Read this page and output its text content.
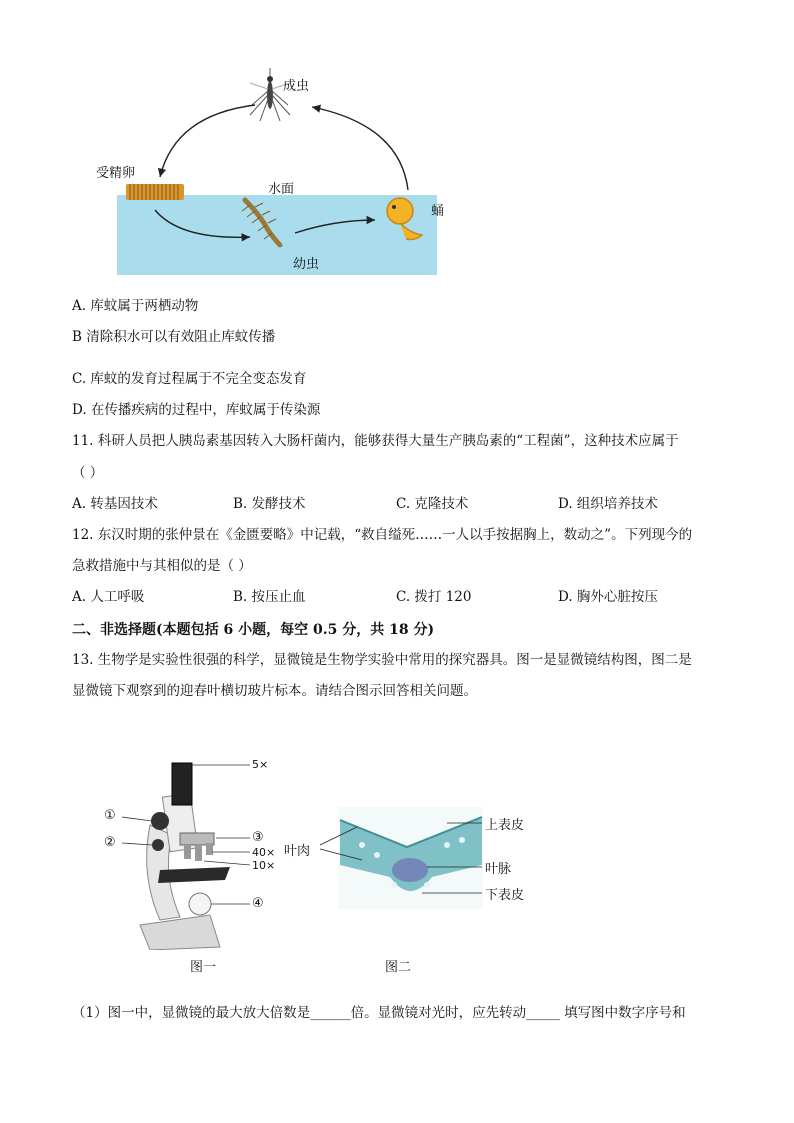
成虫
受精卵
水面
蛹
幼虫
A. 库蚊属于两栖动物
B 清除积水可以有效阻止库蚊传播
C. 库蚊的发育过程属于不完全变态发育
D. 在传播疾病的过程中，库蚊属于传染源
11. 科研人员把人胰岛素基因转入大肠杆菌内，能够获得大量生产胰岛素的“工程菌”，这种技术应属于
（ ）
A. 转基因技术	B. 发酵技术	C. 克隆技术	D. 组织培养技术
12. 东汉时期的张仲景在《金匮要略》中记载，“救自缢死……一人以手按据胸上，数动之”。下列现今的
急救措施中与其相似的是（ ）
A. 人工呼吸	B. 按压止血	C. 拨打 120	D. 胸外心脏按压
二、非选择题(本题包括 6 小题，每空 0.5 分，共 18 分)
13. 生物学是实验性很强的科学，显微镜是生物学实验中常用的探究器具。图一是显微镜结构图，图二是
显微镜下观察到的迎春叶横切玻片标本。请结合图示回答相关问题。
5×
①
②	③
40×
10×
④
图一
叶肉
上表皮
叶脉
下表皮
图二
（1）图一中，显微镜的最大放大倍数是______倍。显微镜对光时，应先转动_____ 填写图中数字序号和
